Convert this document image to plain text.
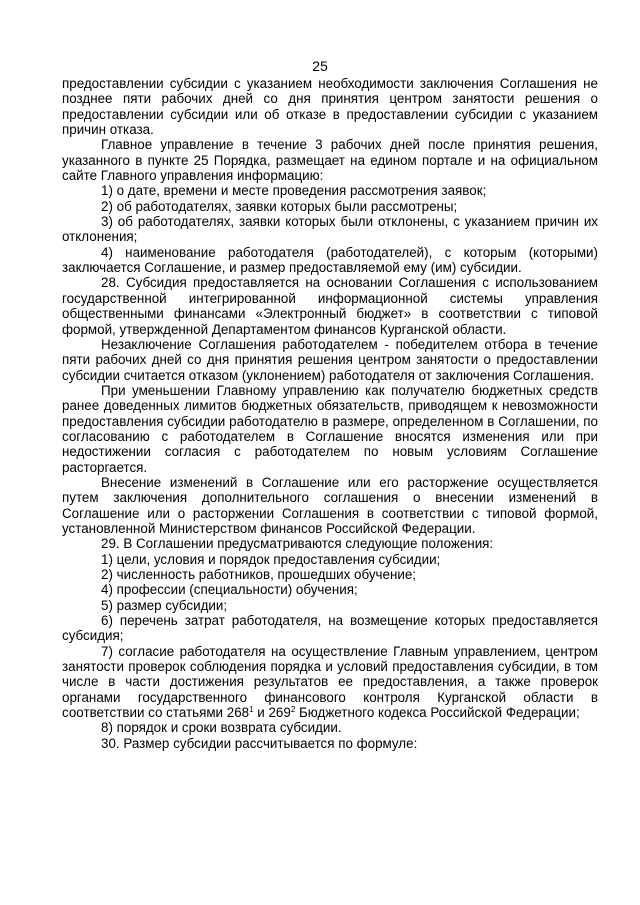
25

предоставлении субсидии с указанием необходимости заключения Соглашения не позднее пяти рабочих дней со дня принятия центром занятости решения о предоставлении субсидии или об отказе в предоставлении субсидии с указанием причин отказа.

Главное управление в течение 3 рабочих дней после принятия решения, указанного в пункте 25 Порядка, размещает на едином портале и на официальном сайте Главного управления информацию:

1) о дате, времени и месте проведения рассмотрения заявок;

2) об работодателях, заявки которых были рассмотрены;

3) об работодателях, заявки которых были отклонены, с указанием причин их отклонения;

4) наименование работодателя (работодателей), с которым (которыми) заключается Соглашение, и размер предоставляемой ему (им) субсидии.

28. Субсидия предоставляется на основании Соглашения с использованием государственной интегрированной информационной системы управления общественными финансами «Электронный бюджет» в соответствии с типовой формой, утвержденной Департаментом финансов Курганской области.

Незаключение Соглашения работодателем - победителем отбора в течение пяти рабочих дней со дня принятия решения центром занятости о предоставлении субсидии считается отказом (уклонением) работодателя от заключения Соглашения.

При уменьшении Главному управлению как получателю бюджетных средств ранее доведенных лимитов бюджетных обязательств, приводящем к невозможности предоставления субсидии работодателю в размере, определенном в Соглашении, по согласованию с работодателем в Соглашение вносятся изменения или при недостижении согласия с работодателем по новым условиям Соглашение расторгается.

Внесение изменений в Соглашение или его расторжение осуществляется путем заключения дополнительного соглашения о внесении изменений в Соглашение или о расторжении Соглашения в соответствии с типовой формой, установленной Министерством финансов Российской Федерации.

29. В Соглашении предусматриваются следующие положения:

1) цели, условия и порядок предоставления субсидии;

2) численность работников, прошедших обучение;

4) профессии (специальности) обучения;

5) размер субсидии;

6) перечень затрат работодателя, на возмещение которых предоставляется субсидия;

7) согласие работодателя на осуществление Главным управлением, центром занятости проверок соблюдения порядка и условий предоставления субсидии, в том числе в части достижения результатов ее предоставления, а также проверок органами государственного финансового контроля Курганской области в соответствии со статьями $268^1$ и $269^2$ Бюджетного кодекса Российской Федерации;

8) порядок и сроки возврата субсидии.

30. Размер субсидии рассчитывается по формуле:
